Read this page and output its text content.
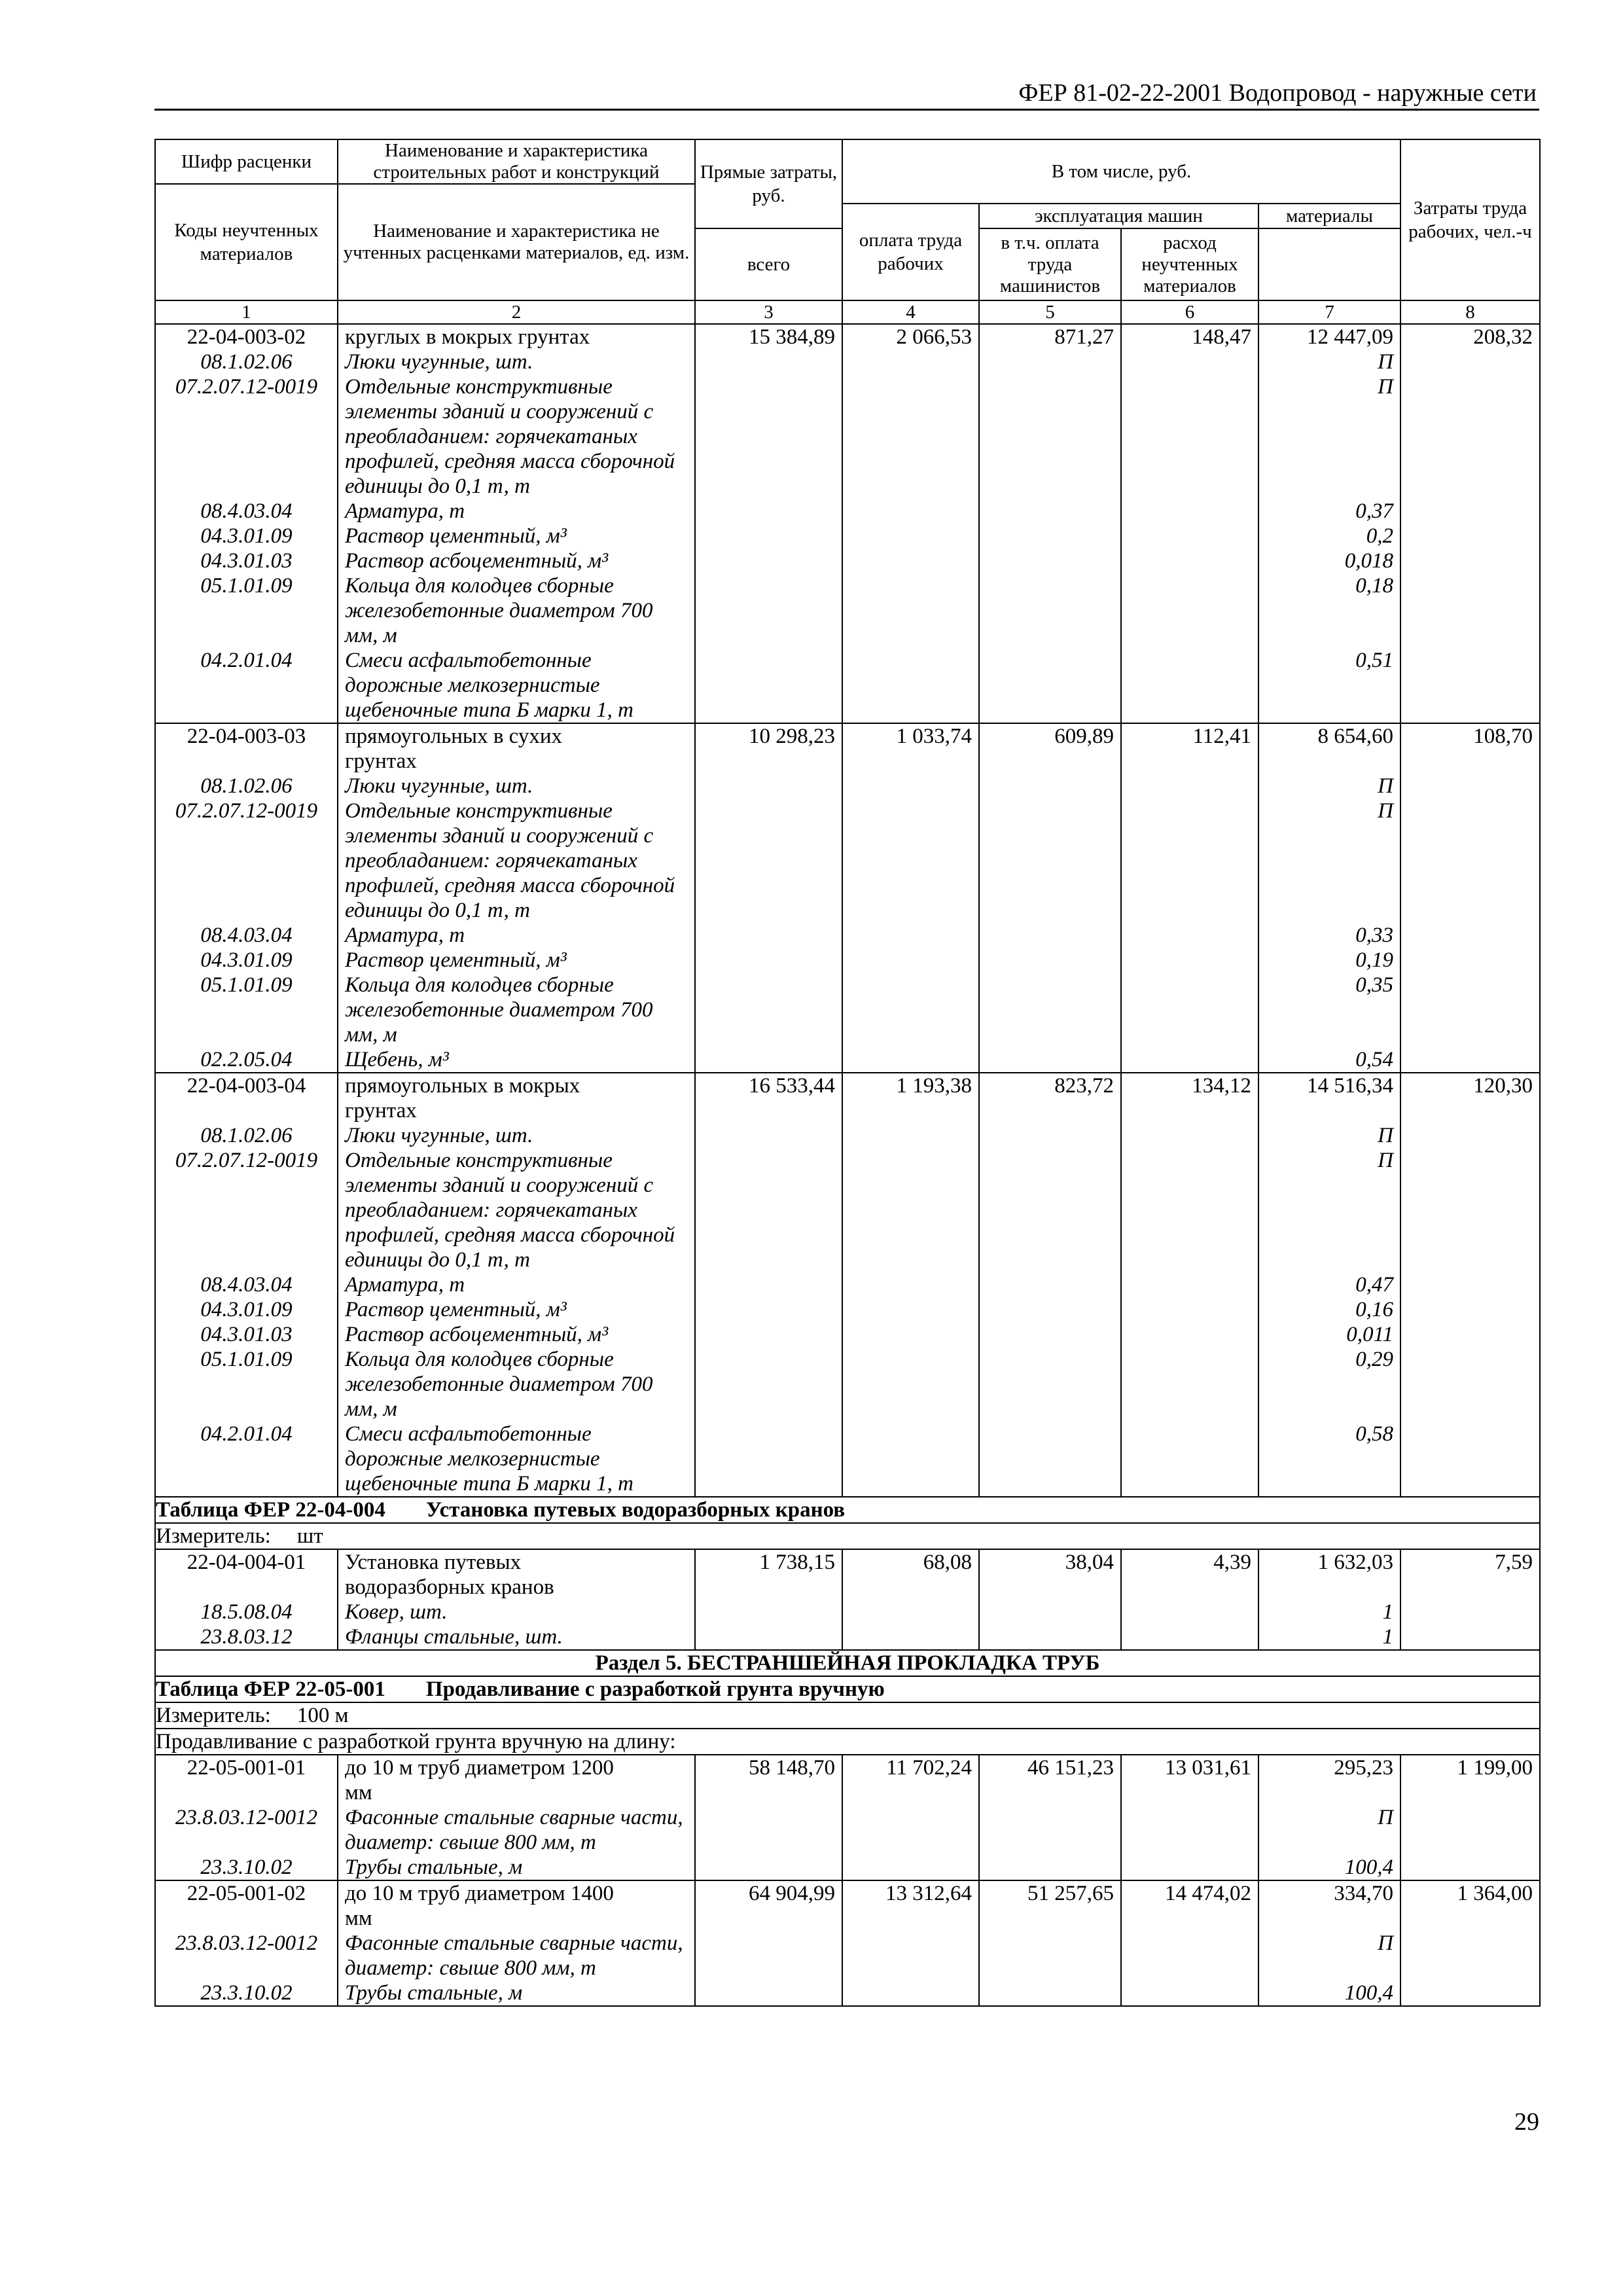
ФЕР 81-02-22-2001 Водопровод - наружные сети
Шифр расценки	Наименование и характеристика строительных работ и конструкций	Прямые затраты, руб.	В том числе, руб.				Затраты труда рабочих, чел.-ч
Коды неучтенных материалов	Наименование и характеристика не учтенных расценками материалов, ед. изм.						
			оплата труда рабочих	эксплуатация машин		материалы	
		всего		в т.ч. оплата труда машинистов	расход неучтенных материалов		
1	2	3	4	5	6	7	8
22-04-003-02	круглых в мокрых грунтах	15 384,89	2 066,53	871,27	148,47	12 447,09	208,32
08.1.02.06	Люки чугунные, шт.					П	
07.2.07.12-0019	Отдельные конструктивные					П	
	элементы зданий и сооружений с						
	преобладанием: горячекатаных						
	профилей, средняя масса сборочной						
	единицы до 0,1 т, т						
08.4.03.04	Арматура, т					0,37	
04.3.01.09	Раствор цементный, м³					0,2	
04.3.01.03	Раствор асбоцементный, м³					0,018	
05.1.01.09	Кольца для колодцев сборные					0,18	
	железобетонные диаметром 700						
	мм, м						
04.2.01.04	Смеси асфальтобетонные					0,51	
	дорожные мелкозернистые						
	щебеночные типа Б марки 1, т						
22-04-003-03	прямоугольных в сухих	10 298,23	1 033,74	609,89	112,41	8 654,60	108,70
	грунтах						
08.1.02.06	Люки чугунные, шт.					П	
07.2.07.12-0019	Отдельные конструктивные					П	
	элементы зданий и сооружений с						
	преобладанием: горячекатаных						
	профилей, средняя масса сборочной						
	единицы до 0,1 т, т						
08.4.03.04	Арматура, т					0,33	
04.3.01.09	Раствор цементный, м³					0,19	
05.1.01.09	Кольца для колодцев сборные					0,35	
	железобетонные диаметром 700						
	мм, м						
02.2.05.04	Щебень, м³					0,54	
22-04-003-04	прямоугольных в мокрых	16 533,44	1 193,38	823,72	134,12	14 516,34	120,30
	грунтах						
08.1.02.06	Люки чугунные, шт.					П	
07.2.07.12-0019	Отдельные конструктивные					П	
	элементы зданий и сооружений с						
	преобладанием: горячекатаных						
	профилей, средняя масса сборочной						
	единицы до 0,1 т, т						
08.4.03.04	Арматура, т					0,47	
04.3.01.09	Раствор цементный, м³					0,16	
04.3.01.03	Раствор асбоцементный, м³					0,011	
05.1.01.09	Кольца для колодцев сборные					0,29	
	железобетонные диаметром 700						
	мм, м						
04.2.01.04	Смеси асфальтобетонные					0,58	
	дорожные мелкозернистые						
	щебеночные типа Б марки 1, т						
Таблица ФЕР 22-04-004 Установка путевых водоразборных кранов							
Измеритель: шт							
22-04-004-01	Установка путевых	1 738,15	68,08	38,04	4,39	1 632,03	7,59
	водоразборных кранов						
18.5.08.04	Ковер, шт.					1	
23.8.03.12	Фланцы стальные, шт.					1	
Раздел 5. БЕСТРАНШЕЙНАЯ ПРОКЛАДКА ТРУБ							
Таблица ФЕР 22-05-001 Продавливание с разработкой грунта вручную							
Измеритель: 100 м							
Продавливание с разработкой грунта вручную на длину:							
22-05-001-01	до 10 м труб диаметром 1200	58 148,70	11 702,24	46 151,23	13 031,61	295,23	1 199,00
	мм						
23.8.03.12-0012	Фасонные стальные сварные части,					П	
	диаметр: свыше 800 мм, т						
23.3.10.02	Трубы стальные, м					100,4	
22-05-001-02	до 10 м труб диаметром 1400	64 904,99	13 312,64	51 257,65	14 474,02	334,70	1 364,00
	мм						
23.8.03.12-0012	Фасонные стальные сварные части,					П	
	диаметр: свыше 800 мм, т						
23.3.10.02	Трубы стальные, м					100,4	
29
